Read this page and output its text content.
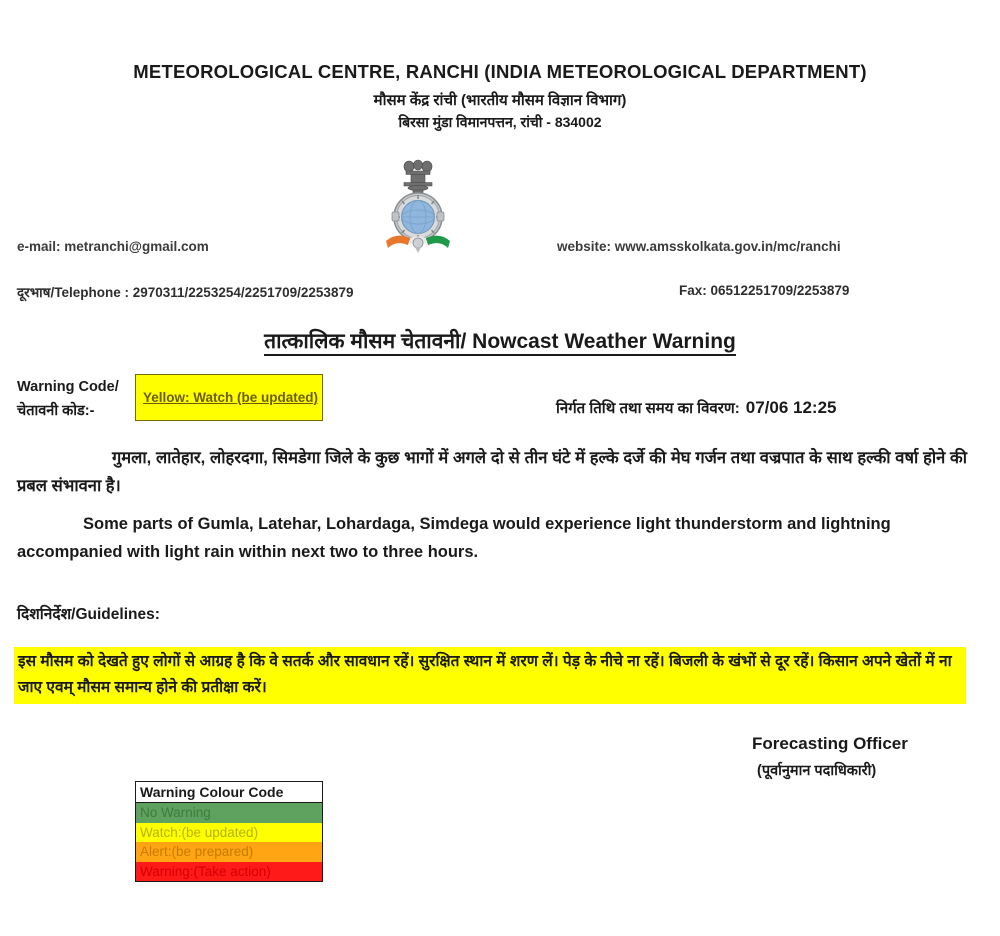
METEOROLOGICAL CENTRE, RANCHI (INDIA METEOROLOGICAL DEPARTMENT)
मौसम केंद्र रांची (भारतीय मौसम विज्ञान विभाग)
बिरसा मुंडा विमानपत्तन, रांची - 834002
e-mail: metranchi@gmail.com	website: www.amsskolkata.gov.in/mc/ranchi
दूरभाष/Telephone : 2970311/2253254/2251709/2253879	Fax: 06512251709/2253879
तात्कालिक मौसम चेतावनी/ Nowcast Weather Warning
Warning Code/
चेतावनी कोड:-
Yellow: Watch (be updated)
निर्गत तिथि तथा समय का विवरण: 07/06 12:25
गुमला, लातेहार, लोहरदगा, सिमडेगा जिले के कुछ भागों में अगले दो से तीन घंटे में हल्के दर्जे की मेघ गर्जन तथा वज्रपात के साथ हल्की वर्षा होने की प्रबल संभावना है।
Some parts of Gumla, Latehar, Lohardaga, Simdega would experience light thunderstorm and lightning accompanied with light rain within next two to three hours.
दिशनिर्देश/Guidelines:
इस मौसम को देखते हुए लोगों से आग्रह है कि वे सतर्क और सावधान रहें। सुरक्षित स्थान में शरण लें। पेड़ के नीचे ना रहें। बिजली के खंभों से दूर रहें। किसान अपने खेतों में ना जाए एवम् मौसम समान्य होने की प्रतीक्षा करें।
Forecasting Officer
(पूर्वानुमान पदाधिकारी)
Warning Colour Code
No Warning
Watch:(be updated)
Alert:(be prepared)
Warning:(Take action)
